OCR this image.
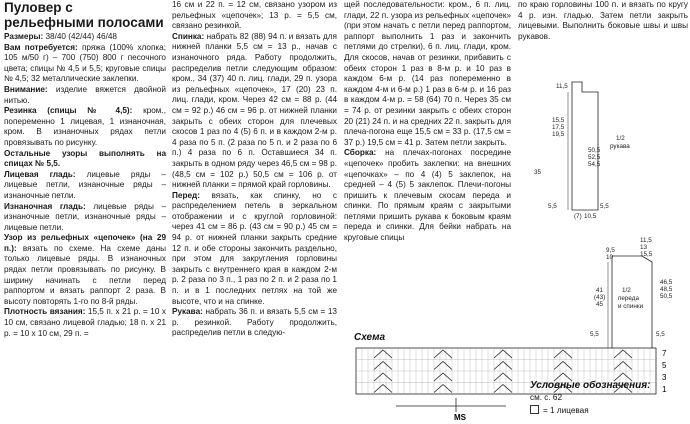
Пуловер с рельефными полосами

Размеры: 38/40 (42/44) 46/48

Вам потребуется: пряжа (100% хлопка; 105 м/50 г) – 700 (750) 800 г песочного цвета; спицы № 4,5 и 5,5; круговые спицы № 4,5; 32 металлические заклепки.

Внимание: изделие вяжется двойной нитью.

Резинка (спицы № 4,5): кром., попеременно 1 лицевая, 1 изнаночная, кром. В изнаночных рядах петли провязывать по рисунку.

Остальные узоры выполнять на спицах № 5,5.

Лицевая гладь: лицевые ряды – лицевые петли, изнаночные ряды – изнаночные петли.

Изнаночная гладь: лицевые ряды – изнаночные петли, изнаночные ряды – лицевые петли.

Узор из рельефных «цепочек» (на 29 п.): вязать по схеме. На схеме даны только лицевые ряды. В изнаночных рядах петли провязывать по рисунку. В ширину начинать с петли перед раппортом и вязать раппорт 2 раза. В высоту повторять 1-го по 8-й ряды.

Плотность вязания: 15,5 п. х 21 р. = 10 х 10 см, связано лицевой гладью; 18 п. х 21 р. = 10 х 10 см, 29 п. =

16 см и 22 п. = 12 см, связано узором из рельефных «цепочек»; 13 р. = 5,5 см, связано резинкой.

Спинка: набрать 82 (88) 94 п. и вязать для нижней планки 5,5 см = 13 р., начав с изнаночного ряда. Работу продолжить, распределив петли следующим образом: кром., 34 (37) 40 п. лиц. глади, 29 п. узора из рельефных «цепочек», 17 (20) 23 п. лиц. глади, кром. Через 42 см = 88 р. (44 см = 92 р.) 46 см = 96 р. от нижней планки закрыть с обеих сторон для плечевых скосов 1 раз по 4 (5) 6 п. и в каждом 2-м р. 4 раза по 5 п. (2 раза по 5 п. и 2 раза по 6 п.) 4 раза по 6 п. Оставшиеся 34 п. закрыть в одном ряду через 46,5 см = 98 р. (48,5 см = 102 р.) 50,5 см = 106 р. от нижней планки = прямой край горловины.

Перед: вязать, как спинку, но с распределением петель в зеркальном отображении и с круглой горловиной: через 41 см = 86 р. (43 см = 90 р.) 45 см = 94 р. от нижней планки закрыть средние 12 п. и обе стороны закончить раздельно, при этом для закругления горловины закрыть с внутреннего края в каждом 2-м р. 2 раза по 3 п., 1 раз по 2 п. и 2 раза по 1 п. и в 1 последних петлях на той же высоте, что и на спинке.

Рукава: набрать 36 п. и вязать 5,5 см = 13 р. резинкой. Работу продолжить, распределив петли в следую-

щей последовательности: кром., 6 п. лиц. глади, 22 п. узора из рельефных «цепочек» (при этом начать с петли перед раппортом, раппорт выполнить 1 раз и закончить петлями до стрелки), 6 п. лиц. глади, кром. Для скосов, начав от резинки, прибавить с обеих сторон 1 раз в 8-м р. и 10 раз в каждом 6-м р. (14 раз попеременно в каждом 4-м и 6-м р.) 1 раз в 6-м р. и 16 раз в каждом 4-м р. = 58 (64) 70 п. Через 35 см = 74 р. от резинки закрыть с обеих сторон 20 (21) 24 п. и на средних 22 п. закрыть для плеча-погона еще 15,5 см = 33 р. (17,5 см = 37 р.) 19,5 см = 41 р. Затем петли закрыть.

Сборка: на плечах-погонах посредине «цепочек» пробить заклепки: на внешних «цепочках» – по 4 (4) 5 заклепок, на средней – 4 (5) 5 заклепок. Плечи-погоны пришить к плечевым скосам переда и спинки. По прямым краям с закрытыми петлями пришить рукава к боковым краям переда и спинки. Для бейки набрать на круговые спицы

по краю горловины 100 п. и вязать по кругу 4 р. изн. гладью. Затем петли закрыть лицевыми. Выполнить боковые швы и швы рукавов.

11,5
15,5
17,5
19,5
1/2
рукава
35
50,5
52,5
54,5
5,5	5,5
(7) 10,5
11,5
13
15,5
1/2
переда
и спинки
41
(43)
45
5,5	5,5
46,5
48,5
50,5
9,5
10
Схема
7
5
3
1
MS
Условные обозначения:
см. с. 62
= 1 лицевая
